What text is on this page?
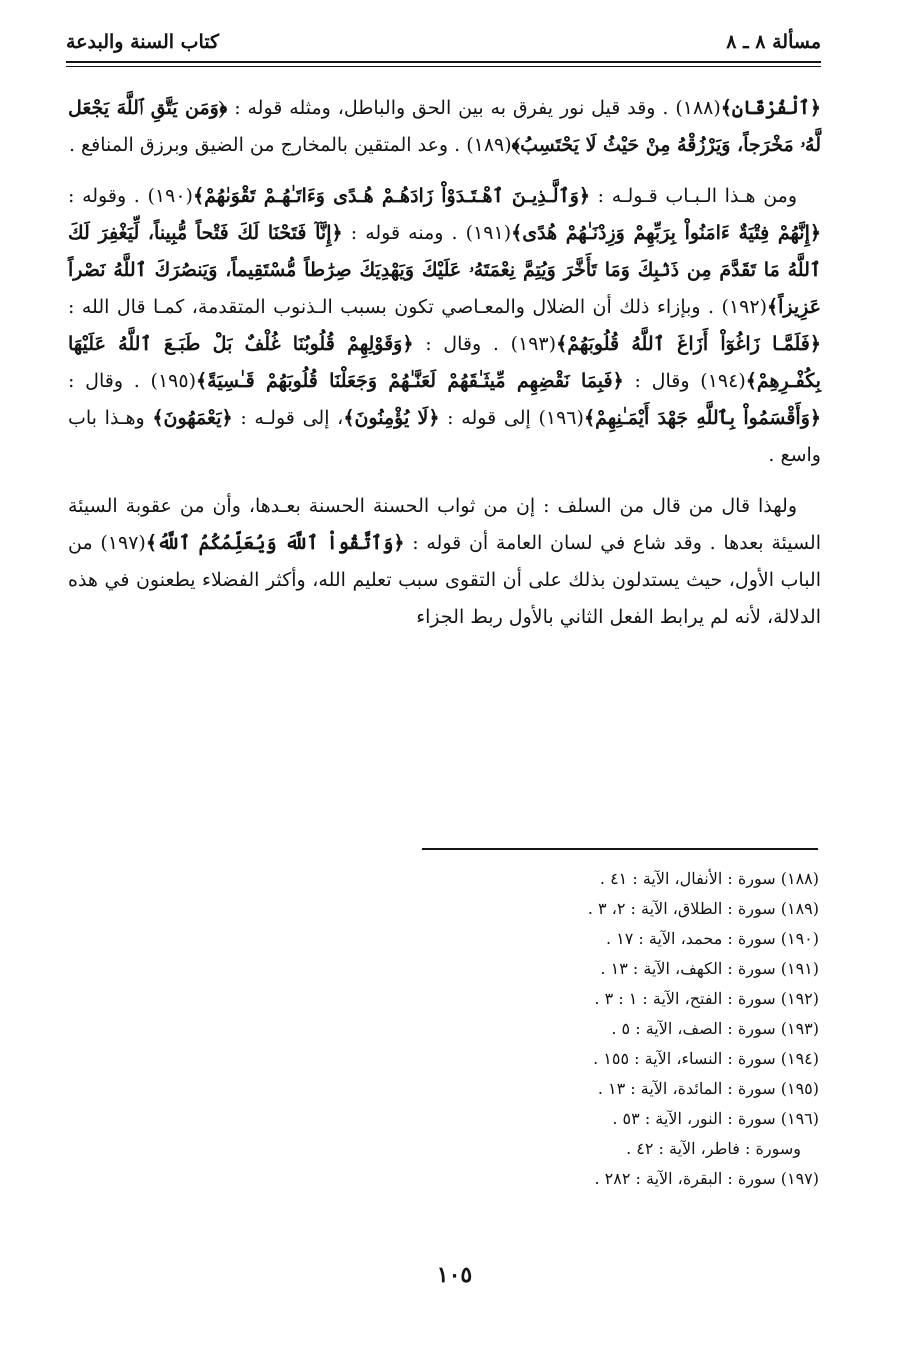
مسألة ٨ ـ ٨
كتاب السنة والبدعة

﴿ٱلْفُرْقَانِ﴾(١٨٨) . وقد قيل نور يفرق به بين الحق والباطل، ومثله قوله : ﴿وَمَن يَتَّقِ ٱللَّهَ يَجْعَل لَّهُۥ مَخْرَجاً، وَيَرْزُقْهُ مِنْ حَيْثُ لَا يَحْتَسِبُ﴾(١٨٩) . وعد المتقين بالمخارج من الضيق وبرزق المنافع .

ومن هـذا الـبـاب قـولـه : ﴿وَٱلَّـذِيـنَ ٱهْـتَـدَوْاْ زَادَهُـمْ هُـدًى وَءَاتَـٰهُـمْ تَقْوَىٰهُمْ﴾(١٩٠) . وقوله : ﴿إِنَّهُمْ فِتْيَةٌ ءَامَنُواْ بِرَبِّهِمْ وَزِدْنَـٰهُمْ هُدًى﴾(١٩١) . ومنه قوله : ﴿إِنَّآ فَتَحْنَا لَكَ فَتْحاً مُّبِيناً، لِّيَغْفِرَ لَكَ ٱللَّهُ مَا تَقَدَّمَ مِن ذَنۢبِكَ وَمَا تَأَخَّرَ وَيُتِمَّ نِعْمَتَهُۥ عَلَيْكَ وَيَهْدِيَكَ صِرَٰطاً مُّسْتَقِيماً، وَيَنصُرَكَ ٱللَّهُ نَصْراً عَزِيزاً﴾(١٩٢) . وبإزاء ذلك أن الضلال والمعـاصي تكون بسبب الـذنوب المتقدمة، كمـا قال الله : ﴿فَلَمَّـا زَاغُوٓاْ أَزَاغَ ٱللَّهُ قُلُوبَهُمْ﴾(١٩٣) . وقال : ﴿وَقَوْلِهِمْ قُلُوبُنَا غُلْفٌ بَلْ طَبَـعَ ٱللَّهُ عَلَيْهَا بِكُفْـرِهِمْ﴾(١٩٤) وقال : ﴿فَبِمَا نَقْضِهِم مِّيثَـٰقَهُمْ لَعَنَّـٰهُمْ وَجَعَلْنَا قُلُوبَهُمْ قَـٰسِيَةً﴾(١٩٥) . وقال : ﴿وَأَقْسَمُواْ بِٱللَّهِ جَهْدَ أَيْمَـٰنِهِمْ﴾(١٩٦) إلى قوله : ﴿لَا يُؤْمِنُونَ﴾، إلى قولـه : ﴿يَعْمَهُونَ﴾ وهـذا باب واسع .

ولهذا قال من قال من السلف : إن من ثواب الحسنة الحسنة بعـدها، وأن من عقوبة السيئة السيئة بعدها . وقد شاع في لسان العامة أن قوله : ﴿وَٱتَّقُواْ ٱللَّهَ وَيُعَلِّمُكُمُ ٱللَّهُ﴾(١٩٧) من الباب الأول، حيث يستدلون بذلك على أن التقوى سبب تعليم الله، وأكثر الفضلاء يطعنون في هذه الدلالة، لأنه لم يرابط الفعل الثاني بالأول ربط الجزاء

(١٨٨) سورة : الأنفال، الآية : ٤١ .
(١٨٩) سورة : الطلاق، الآية : ٢، ٣ .
(١٩٠) سورة : محمد، الآية : ١٧ .
(١٩١) سورة : الكهف، الآية : ١٣ .
(١٩٢) سورة : الفتح، الآية : ١ : ٣ .
(١٩٣) سورة : الصف، الآية : ٥ .
(١٩٤) سورة : النساء، الآية : ١٥٥ .
(١٩٥) سورة : المائدة، الآية : ١٣ .
(١٩٦) سورة : النور، الآية : ٥٣ .
وسورة : فاطر، الآية : ٤٢ .
(١٩٧) سورة : البقرة، الآية : ٢٨٢ .
١٠٥
